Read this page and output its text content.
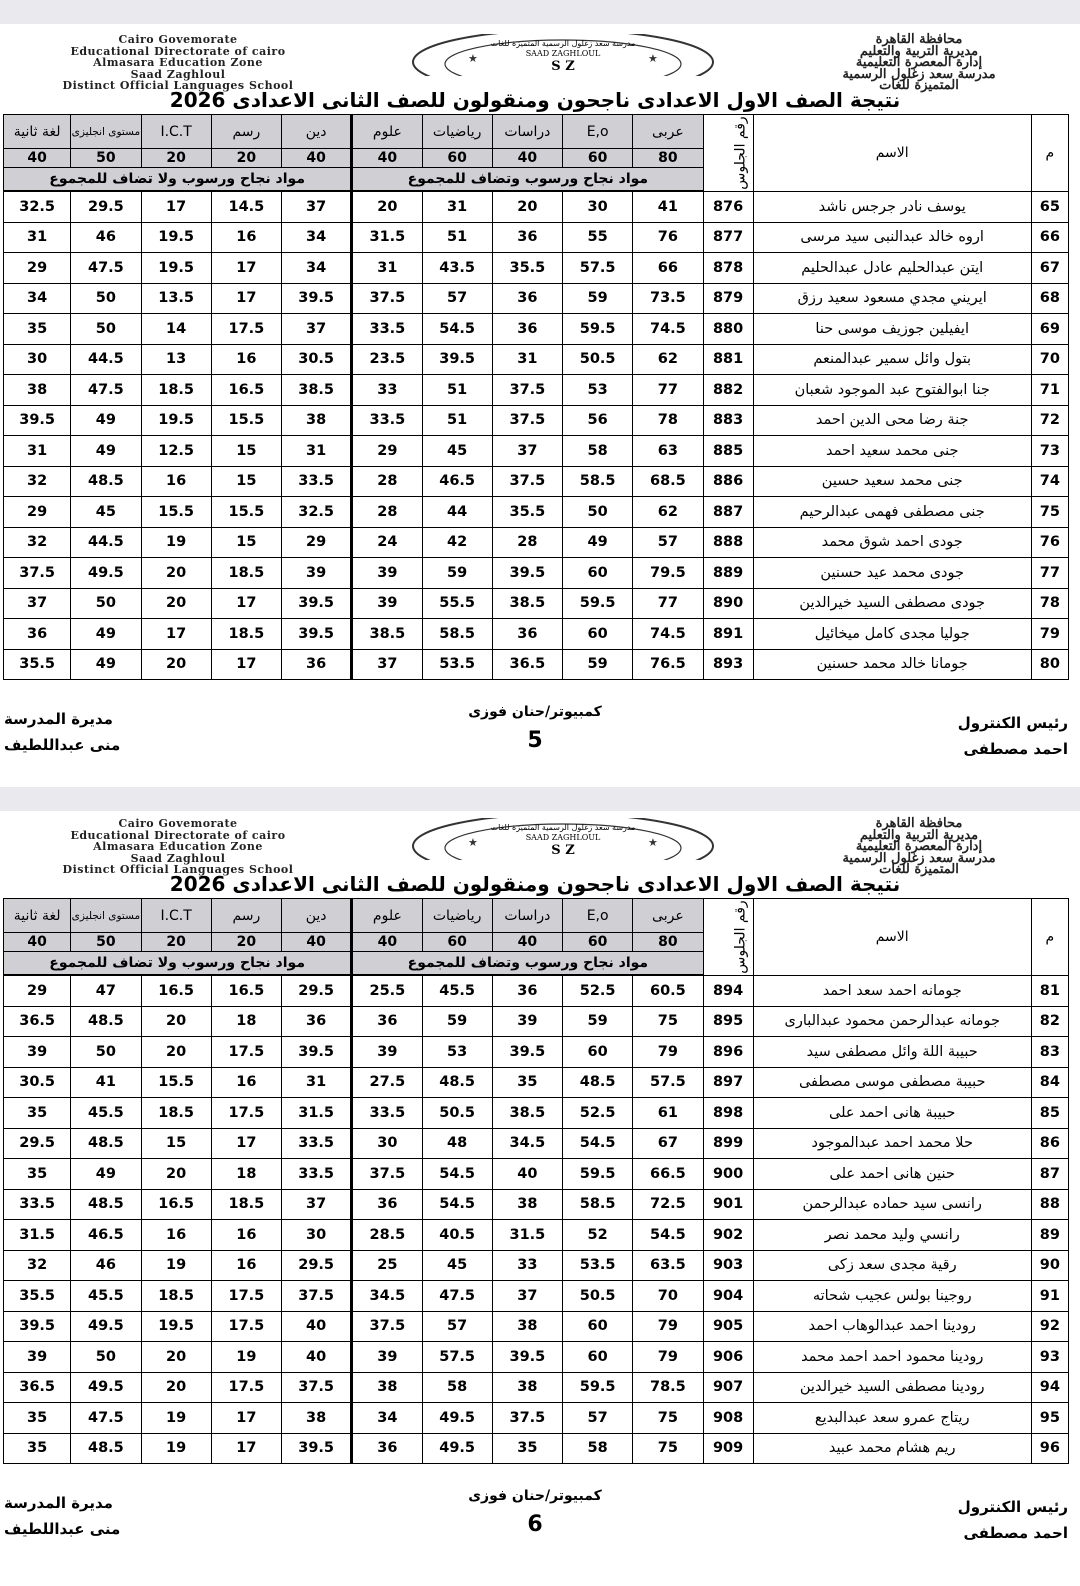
Cairo Govemorate
Educational Directorate of cairo
Almasara Education Zone
Saad Zaghloul
Distinct Official Languages School
مدرسة سعد زغلول الرسمية المتميزة للغات
SAAD ZAGHLOUL
S Z
★	★
محافظة القاهرة
مديرية التربية والتعليم
إدارة المعصرة التعليمية
مدرسة سعد زغلول الرسمية
المتميزة للغات
نتيجة الصف الاول الاعدادى ناجحون ومنقولون للصف الثانى الاعدادى 2026
لغة ثانية	مستوى انجليزى	I.C.T	رسم	دين	علوم	رياضيات	دراسات	E,o	عربى	رقم الجلوس	الاسم	م
40	50	20	20	40	40	60	40	60	80			
مواد نجاح ورسوب ولا تضاف للمجموع					مواد نجاح ورسوب وتضاف للمجموع							
32.5	29.5	17	14.5	37	20	31	20	30	41	876	يوسف نادر جرجس ناشد	65
31	46	19.5	16	34	31.5	51	36	55	76	877	اروه خالد عبدالنبى سيد مرسى	66
29	47.5	19.5	17	34	31	43.5	35.5	57.5	66	878	ايتن عبدالحليم عادل عبدالحليم	67
34	50	13.5	17	39.5	37.5	57	36	59	73.5	879	ايريني مجدي مسعود سعيد رزق	68
35	50	14	17.5	37	33.5	54.5	36	59.5	74.5	880	ايفيلين جوزيف موسى حنا	69
30	44.5	13	16	30.5	23.5	39.5	31	50.5	62	881	بتول وائل سمير عبدالمنعم	70
38	47.5	18.5	16.5	38.5	33	51	37.5	53	77	882	جنا ابوالفتوح عبد الموجود شعبان	71
39.5	49	19.5	15.5	38	33.5	51	37.5	56	78	883	جنة رضا محى الدين احمد	72
31	49	12.5	15	31	29	45	37	58	63	885	جنى محمد سعيد احمد	73
32	48.5	16	15	33.5	28	46.5	37.5	58.5	68.5	886	جنى محمد سعيد حسين	74
29	45	15.5	15.5	32.5	28	44	35.5	50	62	887	جنى مصطفى فهمى عبدالرحيم	75
32	44.5	19	15	29	24	42	28	49	57	888	جودى احمد شوق محمد	76
37.5	49.5	20	18.5	39	39	59	39.5	60	79.5	889	جودى محمد عيد حسنين	77
37	50	20	17	39.5	39	55.5	38.5	59.5	77	890	جودى مصطفى السيد خيرالدين	78
36	49	17	18.5	39.5	38.5	58.5	36	60	74.5	891	جوليا مجدى كامل ميخائيل	79
35.5	49	20	17	36	37	53.5	36.5	59	76.5	893	جومانا خالد محمد حسنين	80
مديرة المدرسة
منى عبداللطيف
كمبيوتر/حنان فوزى
5
رئيس الكنترول
احمد مصطفى
Cairo Govemorate
Educational Directorate of cairo
Almasara Education Zone
Saad Zaghloul
Distinct Official Languages School
مدرسة سعد زغلول الرسمية المتميزة للغات
SAAD ZAGHLOUL
S Z
★	★
محافظة القاهرة
مديرية التربية والتعليم
إدارة المعصرة التعليمية
مدرسة سعد زغلول الرسمية
المتميزة للغات
نتيجة الصف الاول الاعدادى ناجحون ومنقولون للصف الثانى الاعدادى 2026
لغة ثانية	مستوى انجليزى	I.C.T	رسم	دين	علوم	رياضيات	دراسات	E,o	عربى	رقم الجلوس	الاسم	م
40	50	20	20	40	40	60	40	60	80			
مواد نجاح ورسوب ولا تضاف للمجموع					مواد نجاح ورسوب وتضاف للمجموع							
29	47	16.5	16.5	29.5	25.5	45.5	36	52.5	60.5	894	جومانه احمد سعد احمد	81
36.5	48.5	20	18	36	36	59	39	59	75	895	جومانه عبدالرحمن محمود عبدالبارى	82
39	50	20	17.5	39.5	39	53	39.5	60	79	896	حبيبة اللة وائل مصطفى سيد	83
30.5	41	15.5	16	31	27.5	48.5	35	48.5	57.5	897	حبيبة مصطفى موسى مصطفى	84
35	45.5	18.5	17.5	31.5	33.5	50.5	38.5	52.5	61	898	حبيبة هانى احمد على	85
29.5	48.5	15	17	33.5	30	48	34.5	54.5	67	899	حلا محمد احمد عبدالموجود	86
35	49	20	18	33.5	37.5	54.5	40	59.5	66.5	900	حنين هانى احمد على	87
33.5	48.5	16.5	18.5	37	36	54.5	38	58.5	72.5	901	رانسى سيد حماده عبدالرحمن	88
31.5	46.5	16	16	30	28.5	40.5	31.5	52	54.5	902	رانسي وليد محمد نصر	89
32	46	19	16	29.5	25	45	33	53.5	63.5	903	رقية مجدى سعد زكى	90
35.5	45.5	18.5	17.5	37.5	34.5	47.5	37	50.5	70	904	روجينا بولس عجيب شحاته	91
39.5	49.5	19.5	17.5	40	37.5	57	38	60	79	905	رودينا احمد عبدالوهاب احمد	92
39	50	20	19	40	39	57.5	39.5	60	79	906	رودينا محمود احمد احمد محمد	93
36.5	49.5	20	17.5	37.5	38	58	38	59.5	78.5	907	رودينا مصطفى السيد خيرالدين	94
35	47.5	19	17	38	34	49.5	37.5	57	75	908	ريتاج عمرو سعد عبدالبديع	95
35	48.5	19	17	39.5	36	49.5	35	58	75	909	ريم هشام محمد عبيد	96
مديرة المدرسة
منى عبداللطيف
كمبيوتر/حنان فوزى
6
رئيس الكنترول
احمد مصطفى
